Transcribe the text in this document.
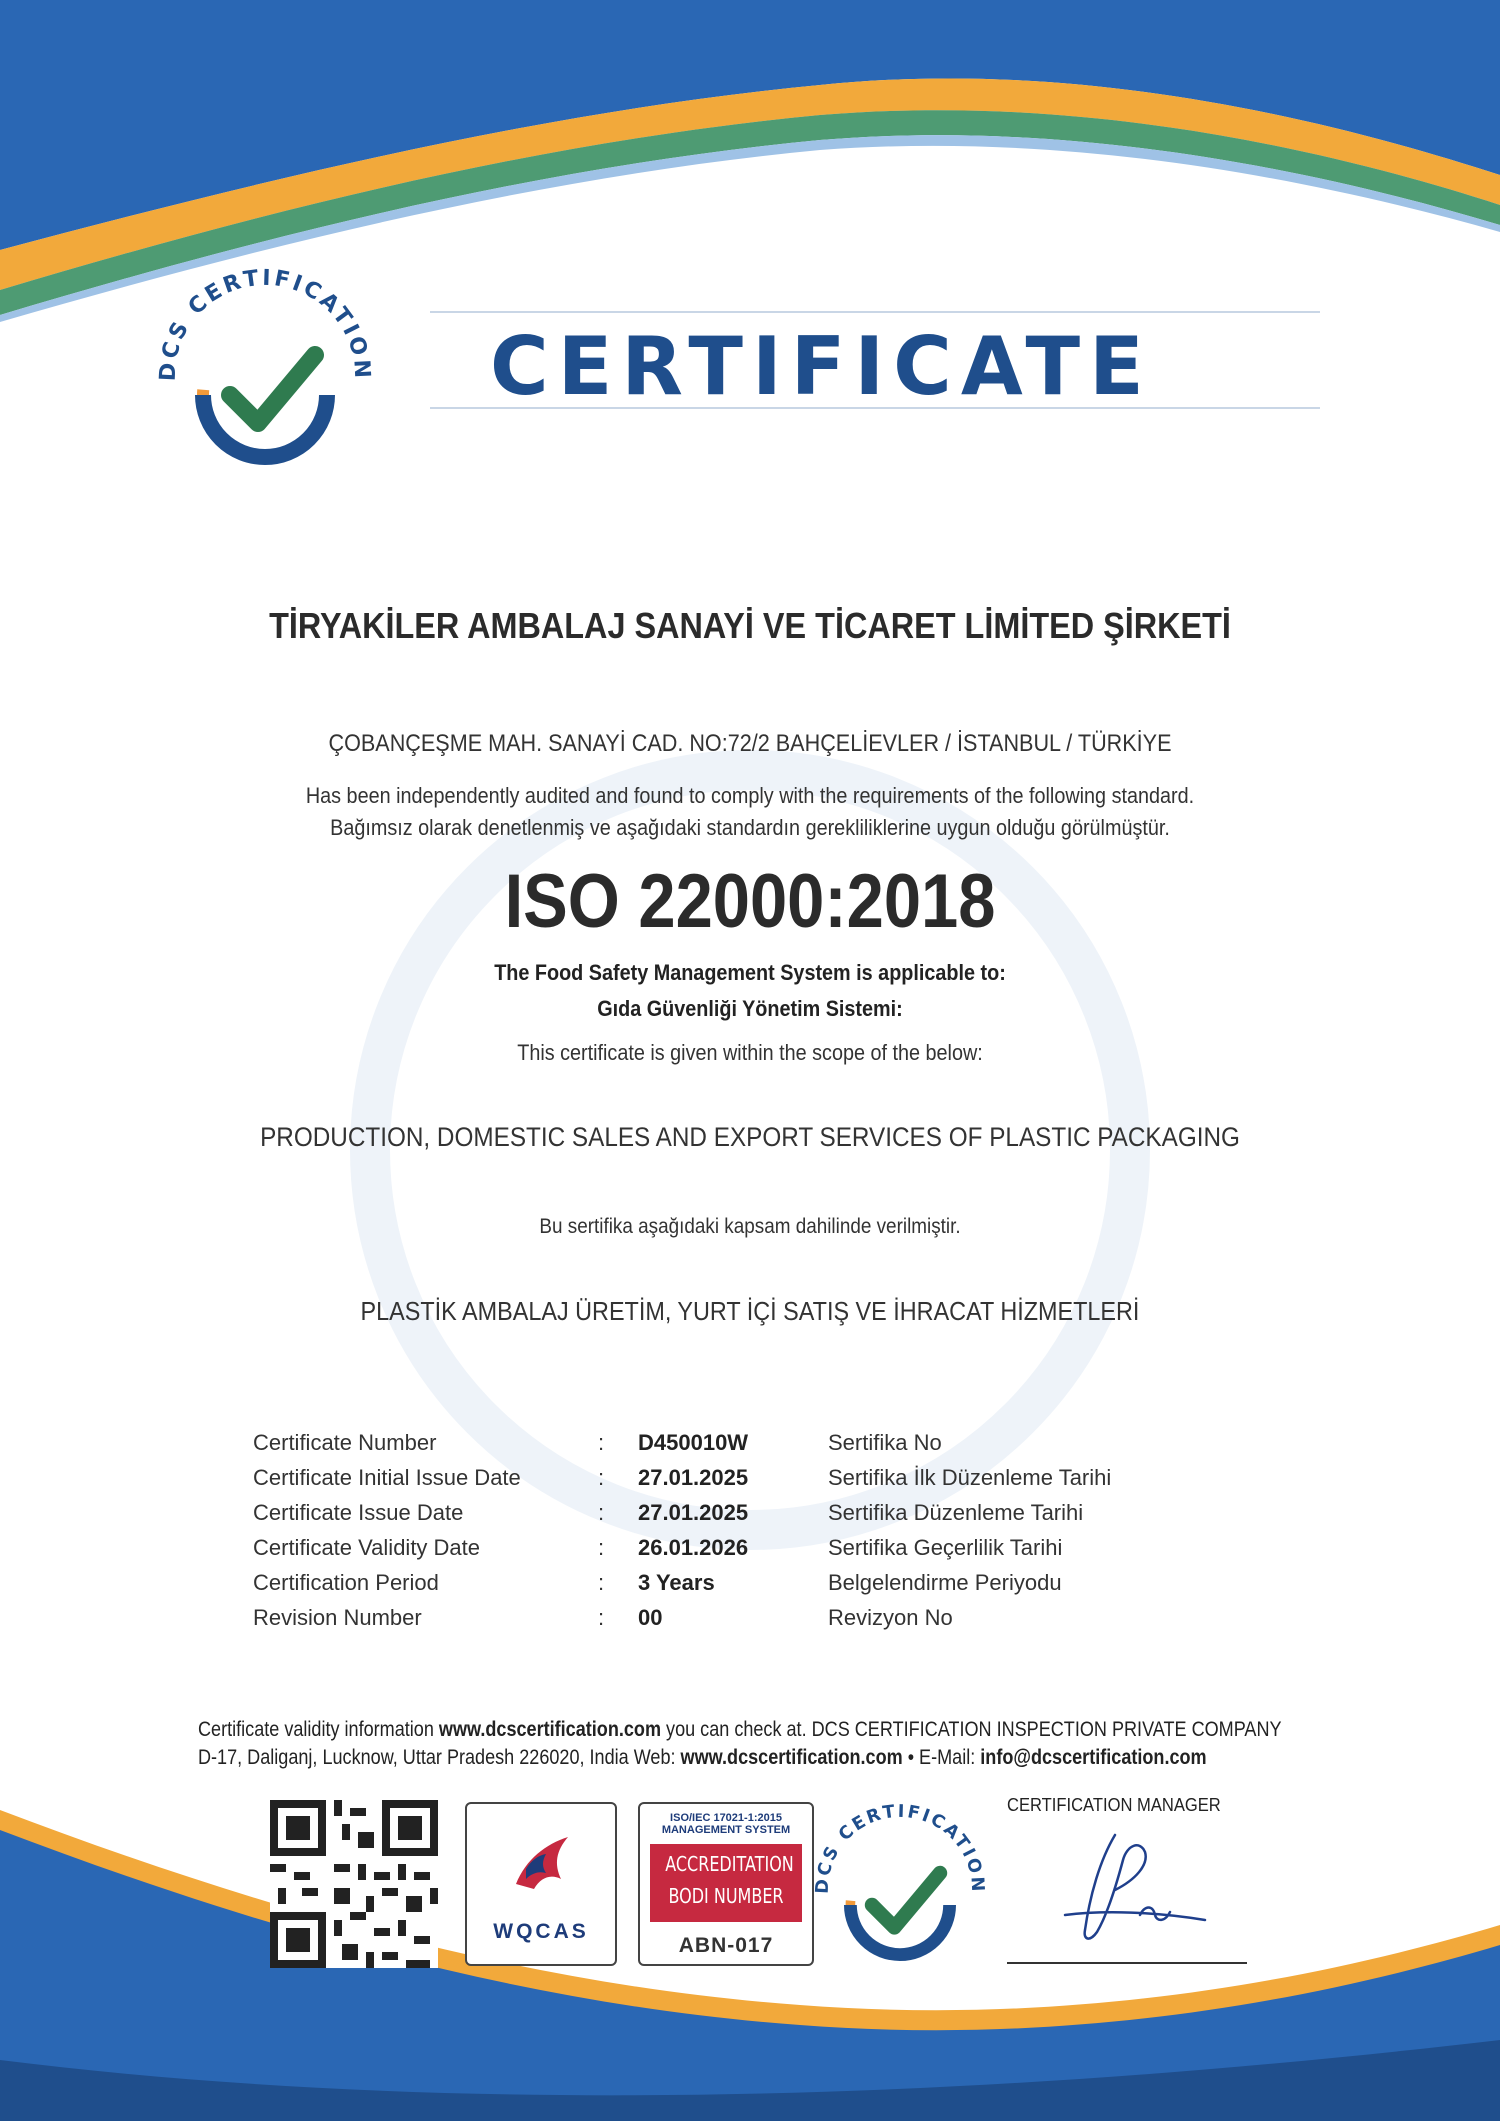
DCS CERTIFICATION CERTIFICATE
TİRYAKİLER AMBALAJ SANAYİ VE TİCARET LİMİTED ŞİRKETİ
ÇOBANÇEŞME MAH. SANAYİ CAD. NO:72/2 BAHÇELİEVLER / İSTANBUL / TÜRKİYE
Has been independently audited and found to comply with the requirements of the following standard.
Bağımsız olarak denetlenmiş ve aşağıdaki standardın gerekliliklerine uygun olduğu görülmüştür.
ISO 22000:2018
The Food Safety Management System is applicable to:
Gıda Güvenliği Yönetim Sistemi:
This certificate is given within the scope of the below:
PRODUCTION, DOMESTIC SALES AND EXPORT SERVICES OF PLASTIC PACKAGING
Bu sertifika aşağıdaki kapsam dahilinde verilmiştir.
PLASTİK AMBALAJ ÜRETİM, YURT İÇİ SATIŞ VE İHRACAT HİZMETLERİ
Certificate Number	:	D450010W	Sertifika No
Certificate Initial Issue Date	:	27.01.2025	Sertifika İlk Düzenleme Tarihi
Certificate Issue Date	:	27.01.2025	Sertifika Düzenleme Tarihi
Certificate Validity Date	:	26.01.2026	Sertifika Geçerlilik Tarihi
Certification Period	:	3 Years	Belgelendirme Periyodu
Revision Number	:	00	Revizyon No
Certificate validity information www.dcscertification.com you can check at. DCS CERTIFICATION INSPECTION PRIVATE COMPANY
D-17, Daliganj, Lucknow, Uttar Pradesh 226020, India Web: www.dcscertification.com • E-Mail: info@dcscertification.com
WQCAS
ISO/IEC 17021-1:2015
MANAGEMENT SYSTEM
ACCREDITATION
BODI NUMBER
ABN-017
DCS CERTIFICATION
CERTIFICATION MANAGER
